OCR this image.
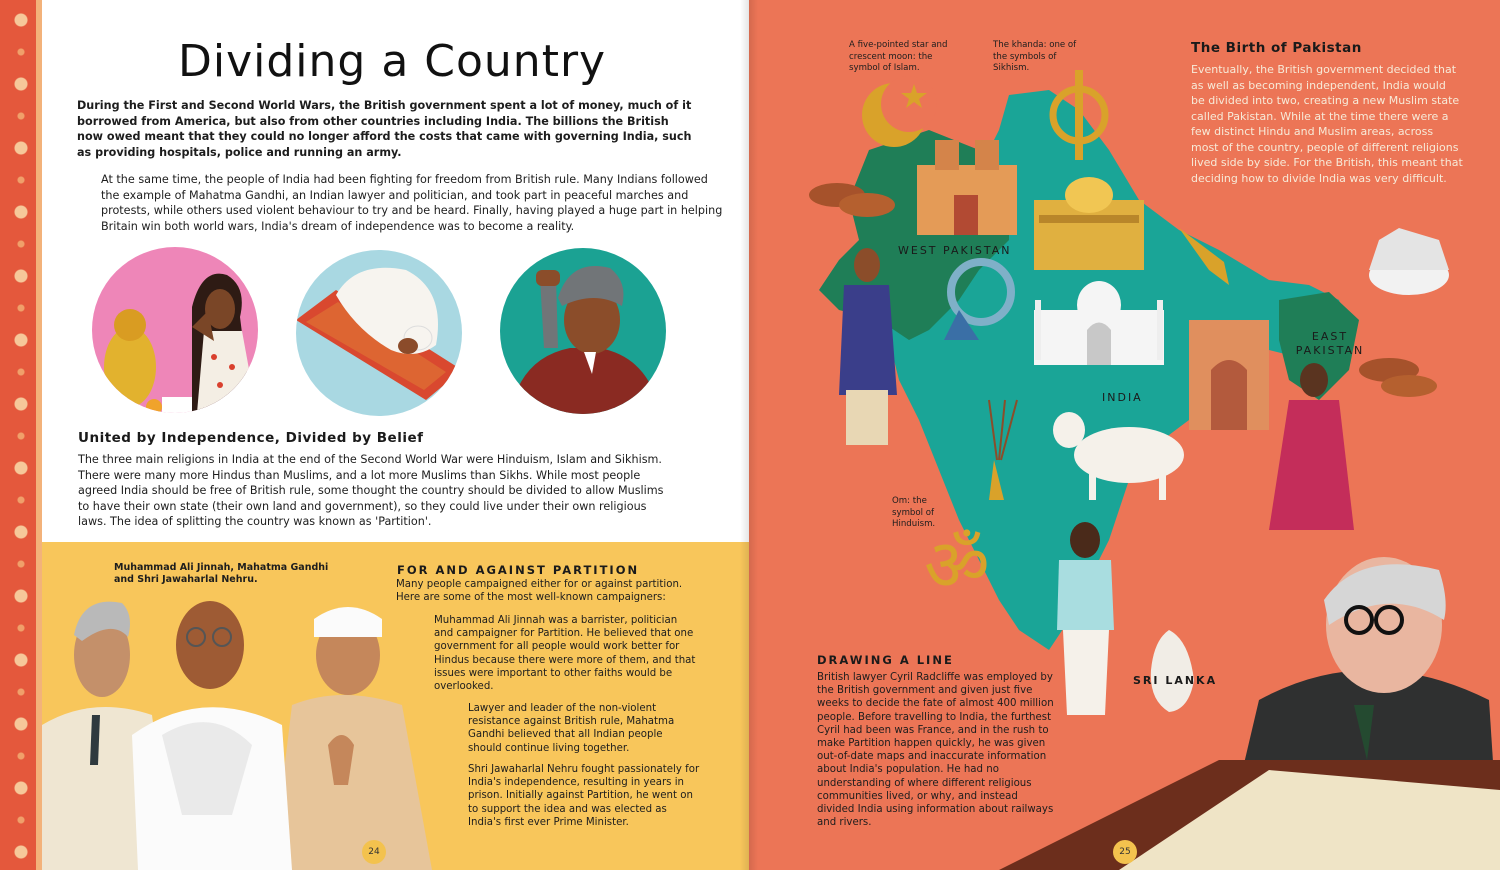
Dividing a Country
During the First and Second World Wars, the British government spent a lot of money, much of it borrowed from America, but also from other countries including India. The billions the British now owed meant that they could no longer afford the costs that came with governing India, such as providing hospitals, police and running an army.
At the same time, the people of India had been fighting for freedom from British rule. Many Indians followed the example of Mahatma Gandhi, an Indian lawyer and politician, and took part in peaceful marches and protests, while others used violent behaviour to try and be heard. Finally, having played a huge part in helping Britain win both world wars, India's dream of independence was to become a reality.
United by Independence, Divided by Belief
The three main religions in India at the end of the Second World War were Hinduism, Islam and Sikhism. There were many more Hindus than Muslims, and a lot more Muslims than Sikhs. While most people agreed India should be free of British rule, some thought the country should be divided to allow Muslims to have their own state (their own land and government), so they could live under their own religious laws. The idea of splitting the country was known as 'Partition'.
Muhammad Ali Jinnah, Mahatma Gandhi and Shri Jawaharlal Nehru.
FOR AND AGAINST PARTITION
Many people campaigned either for or against partition. Here are some of the most well-known campaigners:
Muhammad Ali Jinnah was a barrister, politician and campaigner for Partition. He believed that one government for all people would work better for Hindus because there were more of them, and that issues were important to other faiths would be overlooked.
Lawyer and leader of the non-violent resistance against British rule, Mahatma Gandhi believed that all Indian people should continue living together.
Shri Jawaharlal Nehru fought passionately for India's independence, resulting in years in prison. Initially against Partition, he went on to support the idea and was elected as India's first ever Prime Minister.
24
ॐ
A five-pointed star and crescent moon: the symbol of Islam.
The khanda: one of the symbols of Sikhism.
Om: the symbol of Hinduism.
The Birth of Pakistan
Eventually, the British government decided that as well as becoming independent, India would be divided into two, creating a new Muslim state called Pakistan. While at the time there were a few distinct Hindu and Muslim areas, across most of the country, people of different religions lived side by side. For the British, this meant that deciding how to divide India was very difficult.
WEST PAKISTAN
EAST PAKISTAN
INDIA
SRI LANKA
DRAWING A LINE
British lawyer Cyril Radcliffe was employed by the British government and given just five weeks to decide the fate of almost 400 million people. Before travelling to India, the furthest Cyril had been was France, and in the rush to make Partition happen quickly, he was given out-of-date maps and inaccurate information about India's population. He had no understanding of where different religious communities lived, or why, and instead divided India using information about railways and rivers.
25
